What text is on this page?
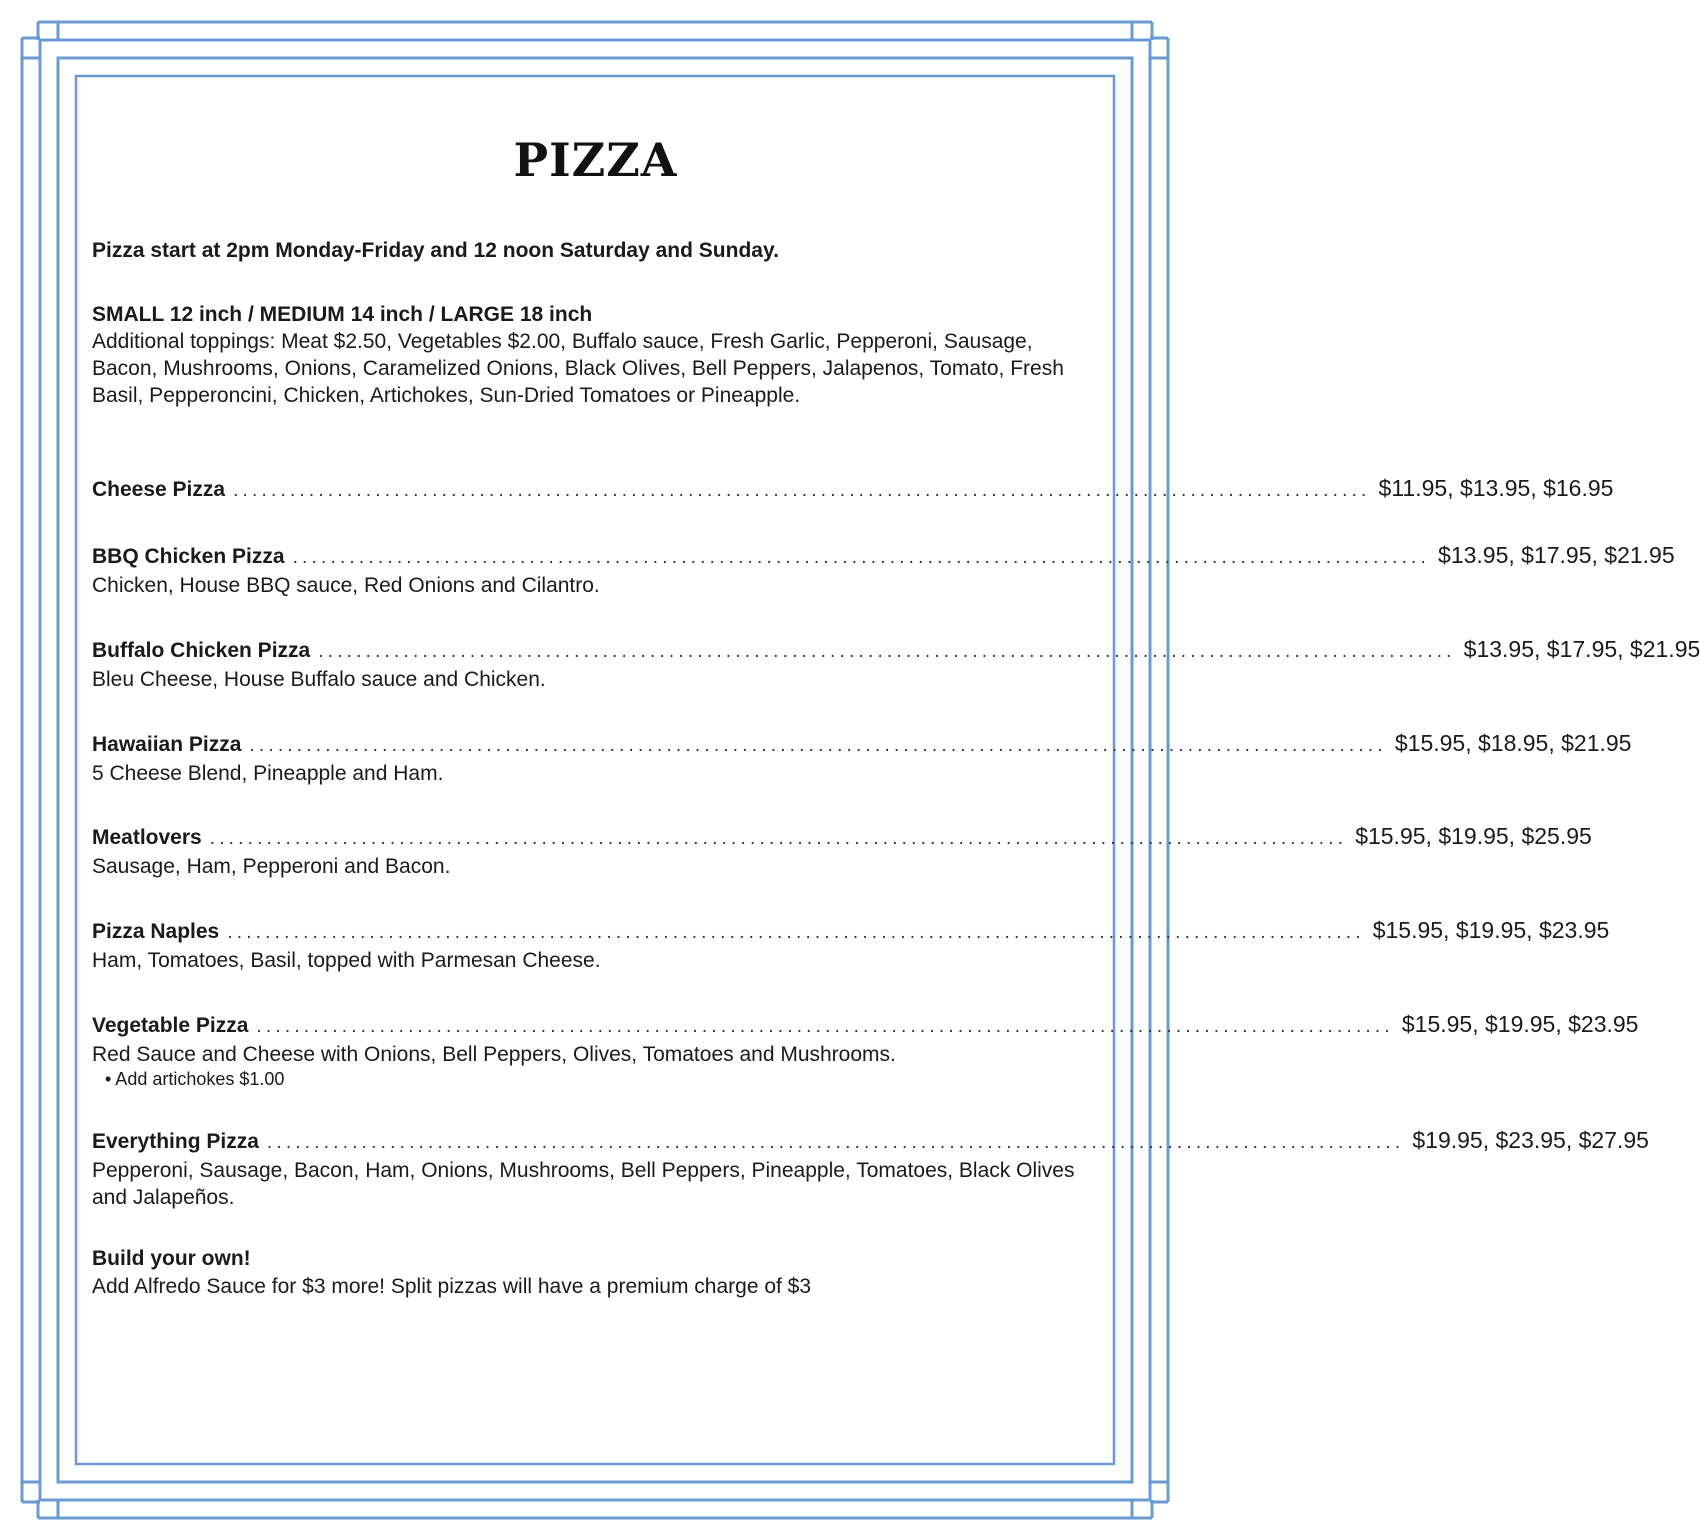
PIZZA
Pizza start at 2pm Monday-Friday and 12 noon Saturday and Sunday.
SMALL 12 inch / MEDIUM 14 inch / LARGE 18 inch
Additional toppings: Meat $2.50, Vegetables $2.00, Buffalo sauce, Fresh Garlic, Pepperoni, Sausage, Bacon, Mushrooms, Onions, Caramelized Onions, Black Olives, Bell Peppers, Jalapenos, Tomato, Fresh Basil, Pepperoncini, Chicken, Artichokes, Sun-Dried Tomatoes or Pineapple.
Cheese Pizza ........................................................................................................................ $11.95, $13.95, $16.95
BBQ Chicken Pizza ........................................................................................................................ $13.95, $17.95, $21.95
Chicken, House BBQ sauce, Red Onions and Cilantro.
Buffalo Chicken Pizza ........................................................................................................................ $13.95, $17.95, $21.95
Bleu Cheese, House Buffalo sauce and Chicken.
Hawaiian Pizza ........................................................................................................................ $15.95, $18.95, $21.95
5 Cheese Blend, Pineapple and Ham.
Meatlovers ........................................................................................................................ $15.95, $19.95, $25.95
Sausage, Ham, Pepperoni and Bacon.
Pizza Naples ........................................................................................................................ $15.95, $19.95, $23.95
Ham, Tomatoes, Basil, topped with Parmesan Cheese.
Vegetable Pizza ........................................................................................................................ $15.95, $19.95, $23.95
Red Sauce and Cheese with Onions, Bell Peppers, Olives, Tomatoes and Mushrooms.
• Add artichokes $1.00
Everything Pizza ........................................................................................................................ $19.95, $23.95, $27.95
Pepperoni, Sausage, Bacon, Ham, Onions, Mushrooms, Bell Peppers, Pineapple, Tomatoes, Black Olives and Jalapeños.
Build your own!
Add Alfredo Sauce for $3 more! Split pizzas will have a premium charge of $3
